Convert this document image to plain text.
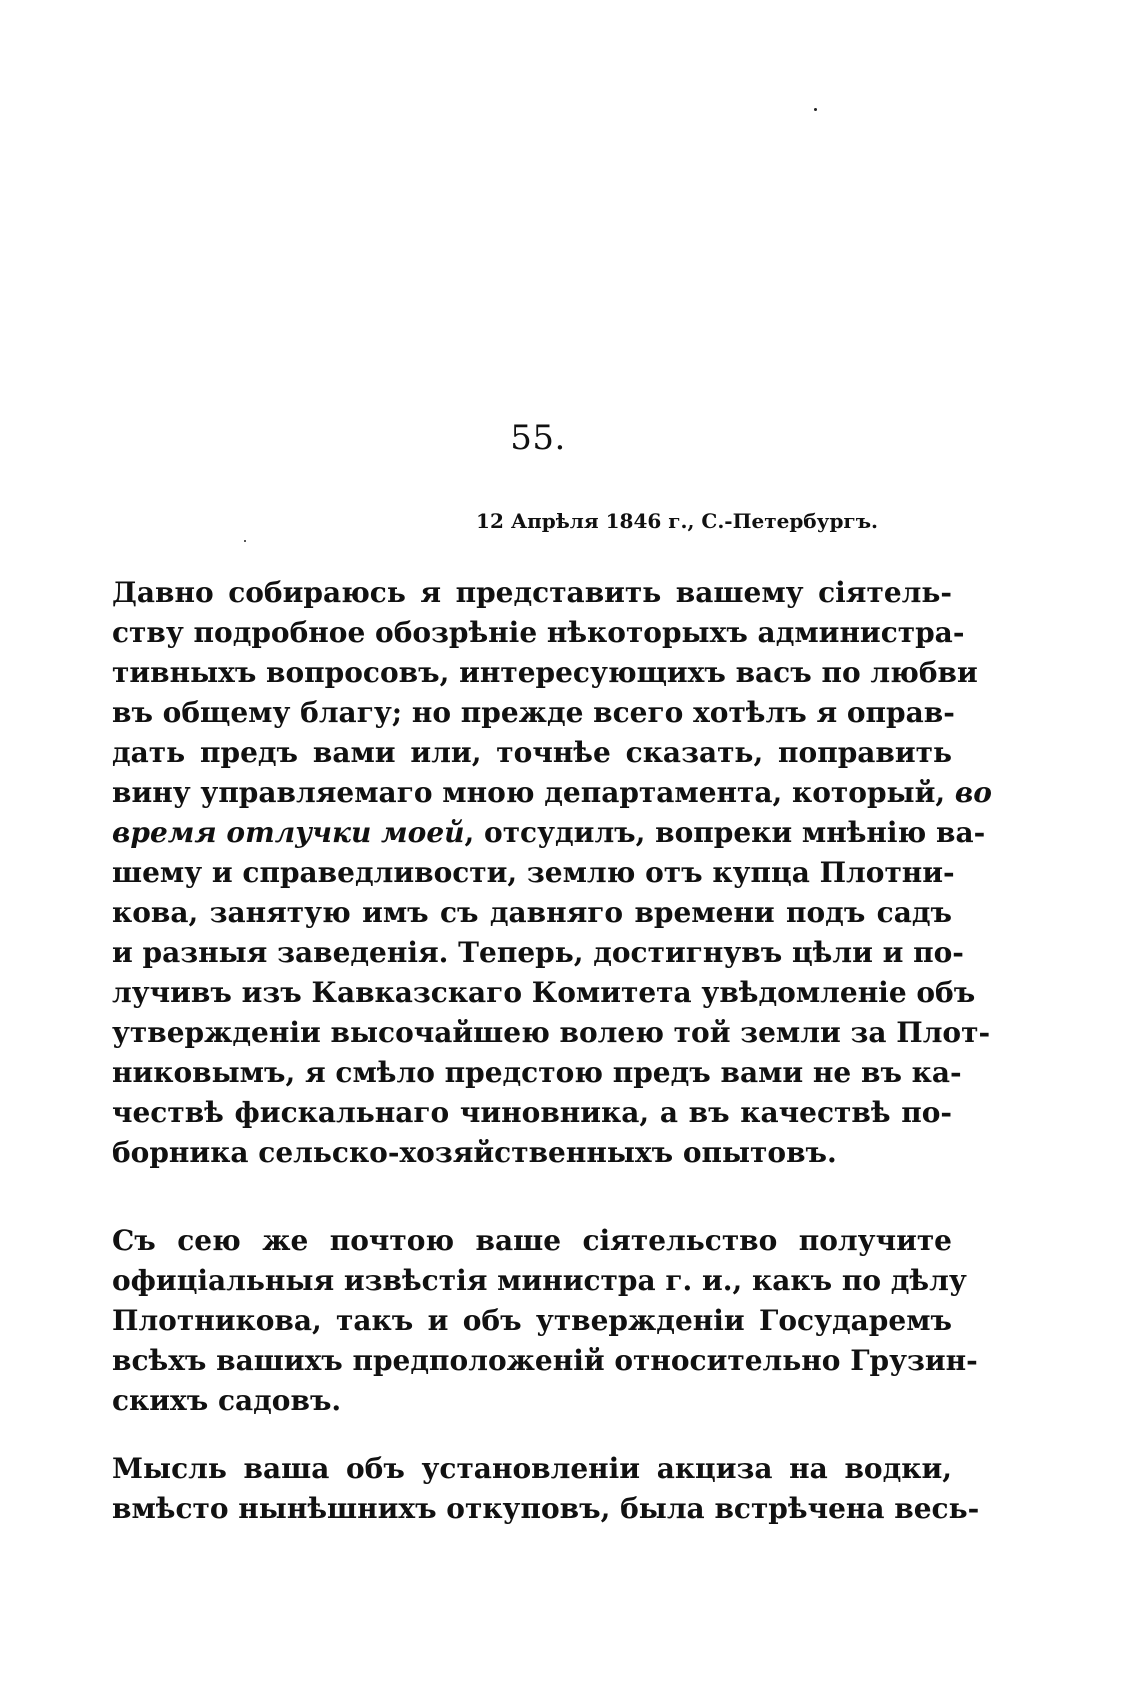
55.
12 Апрѣля 1846 г., С.-Петербургъ.
Давно собираюсь я представить вашему сiятель-
ству подробное обозрѣнiе нѣкоторыхъ администра-
тивныхъ вопросовъ, интересующихъ васъ по любви
въ общему благу; но прежде всего хотѣлъ я оправ-
дать предъ вами или, точнѣе сказать, поправить
вину управляемаго мною департамента, который, во
время отлучки моей, отсудилъ, вопреки мнѣнiю ва-
шему и справедливости, землю отъ купца Плотни-
кова, занятую имъ съ давняго времени подъ садъ
и разныя заведенiя. Теперь, достигнувъ цѣли и по-
лучивъ изъ Кавказскаго Комитета увѣдомленiе объ
утвержденiи высочайшею волею той земли за Плот-
никовымъ, я смѣло предстою предъ вами не въ ка-
чествѣ фискальнаго чиновника, а въ качествѣ по-
борника сельско-хозяйственныхъ опытовъ.
Съ сею же почтою ваше сiятельство получите
офицiальныя извѣстiя министра г. и., какъ по дѣлу
Плотникова, такъ и объ утвержденiи Государемъ
всѣхъ вашихъ предположенiй относительно Грузин-
скихъ садовъ.
Мысль ваша объ установленiи акциза на водки,
вмѣсто нынѣшнихъ откуповъ, была встрѣчена весь-
